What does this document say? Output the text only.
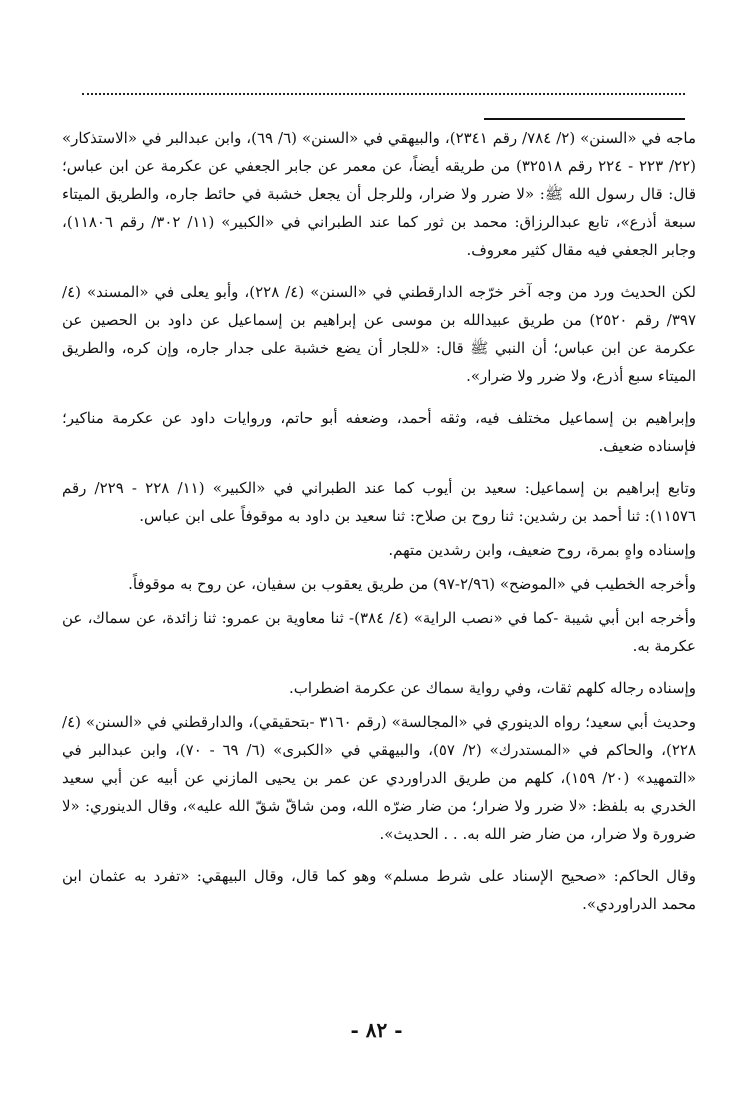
ماجه في «السنن» (٢/ ٧٨٤/ رقم ٢٣٤١)، والبيهقي في «السنن» (٦/ ٦٩)، وابن عبدالبر في «الاستذكار» (٢٢/ ٢٢٣ - ٢٢٤ رقم ٣٢٥١٨) من طريقه أيضاً، عن معمر عن جابر الجعفي عن عكرمة عن ابن عباس؛ قال: قال رسول الله ﷺ: «لا ضرر ولا ضرار، وللرجل أن يجعل خشبة في حائط جاره، والطريق الميتاء سبعة أذرع»، تابع عبدالرزاق: محمد بن ثور كما عند الطبراني في «الكبير» (١١/ ٣٠٢/ رقم ١١٨٠٦)، وجابر الجعفي فيه مقال كثير معروف.

لكن الحديث ورد من وجه آخر خرّجه الدارقطني في «السنن» (٤/ ٢٢٨)، وأبو يعلى في «المسند» (٤/ ٣٩٧/ رقم ٢٥٢٠) من طريق عبيدالله بن موسى عن إبراهيم بن إسماعيل عن داود بن الحصين عن عكرمة عن ابن عباس؛ أن النبي ﷺ قال: «للجار أن يضع خشبة على جدار جاره، وإن كره، والطريق الميتاء سبع أذرع، ولا ضرر ولا ضرار».

وإبراهيم بن إسماعيل مختلف فيه، وثقه أحمد، وضعفه أبو حاتم، وروايات داود عن عكرمة مناكير؛ فإسناده ضعيف.

وتابع إبراهيم بن إسماعيل: سعيد بن أيوب كما عند الطبراني في «الكبير» (١١/ ٢٢٨ - ٢٢٩/ رقم ١١٥٧٦): ثنا أحمد بن رشدين: ثنا روح بن صلاح: ثنا سعيد بن داود به موقوفاً على ابن عباس.

وإسناده واهٍ بمرة، روح ضعيف، وابن رشدين متهم.

وأخرجه الخطيب في «الموضح» (٢/٩٦-٩٧) من طريق يعقوب بن سفيان، عن روح به موقوفاً.

وأخرجه ابن أبي شيبة -كما في «نصب الراية» (٤/ ٣٨٤)- ثنا معاوية بن عمرو: ثنا زائدة، عن سماك، عن عكرمة به.

وإسناده رجاله كلهم ثقات، وفي رواية سماك عن عكرمة اضطراب.

وحديث أبي سعيد؛ رواه الدينوري في «المجالسة» (رقم ٣١٦٠ -بتحقيقي)، والدارقطني في «السنن» (٤/ ٢٢٨)، والحاكم في «المستدرك» (٢/ ٥٧)، والبيهقي في «الكبرى» (٦/ ٦٩ - ٧٠)، وابن عبدالبر في «التمهيد» (٢٠/ ١٥٩)، كلهم من طريق الدراوردي عن عمر بن يحيى المازني عن أبيه عن أبي سعيد الخدري به بلفظ: «لا ضرر ولا ضرار؛ من ضار ضرّه الله، ومن شاقّ شقّ الله عليه»، وقال الدينوري: «لا ضرورة ولا ضرار، من ضار ضر الله به. . . الحديث».

وقال الحاكم: «صحيح الإسناد على شرط مسلم» وهو كما قال، وقال البيهقي: «تفرد به عثمان ابن محمد الدراوردي».

- ٨٢ -
